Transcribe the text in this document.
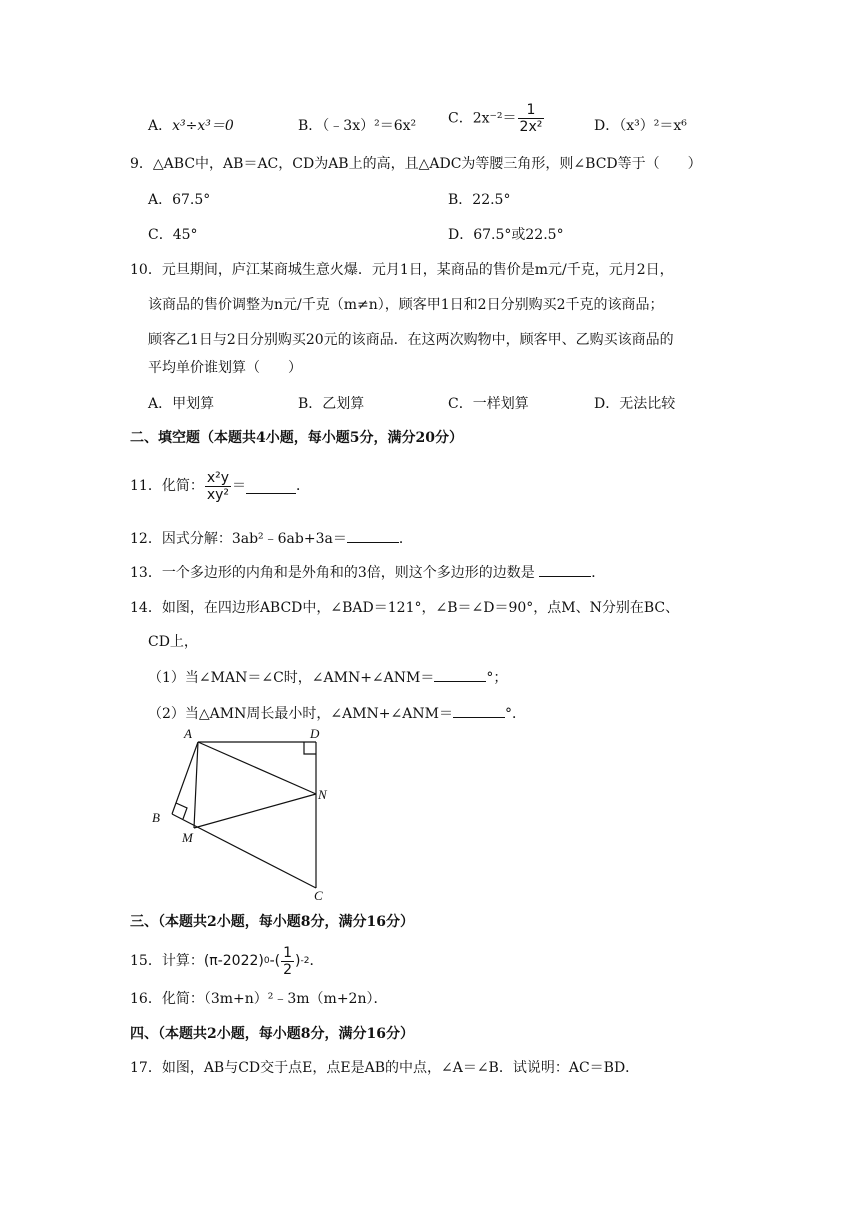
A．x³÷x³＝0	B．（﹣3x）²＝6x² C．$2x^{-2}= \frac{1}{\text{2x²}}$	D．（x³）²＝x⁶
9．△ABC中，AB＝AC，CD为AB上的高，且△ADC为等腰三角形，则∠BCD等于（　　）
A．67.5°	B．22.5°
C．45°	D．67.5°或22.5°
10．元旦期间，庐江某商城生意火爆．元月1日，某商品的售价是m元/千克，元月2日，
该商品的售价调整为n元/千克（m≠n），顾客甲1日和2日分别购买2千克的该商品；
顾客乙1日与2日分别购买20元的该商品．在这两次购物中，顾客甲、乙购买该商品的
平均单价谁划算（　　）
A．甲划算	B．乙划算	C．一样划算	D．无法比较
二、填空题（本题共4小题，每小题5分，满分20分）
11．化简： $\frac{\text{x²y}}{\text{xy²}}$ ＝	．
12．因式分解：3ab²﹣6ab+3a＝	．
13．一个多边形的内角和是外角和的3倍，则这个多边形的边数是	．
14．如图，在四边形ABCD中，∠BAD＝121°，∠B＝∠D＝90°，点M、N分别在BC、
CD上，
（1）当∠MAN＝∠C时，∠AMN+∠ANM＝	°；
（2）当△AMN周长最小时，∠AMN+∠ANM＝	°．
A	D
N
B
M
C
三、（本题共2小题，每小题8分，满分16分）
15．计算： (π-2022) 0 -( $\frac{1}{2}$ ) -2 ．
16．化简：（3m+n）²﹣3m（m+2n）．
四、（本题共2小题，每小题8分，满分16分）
17．如图，AB与CD交于点E，点E是AB的中点，∠A＝∠B．试说明：AC＝BD．
